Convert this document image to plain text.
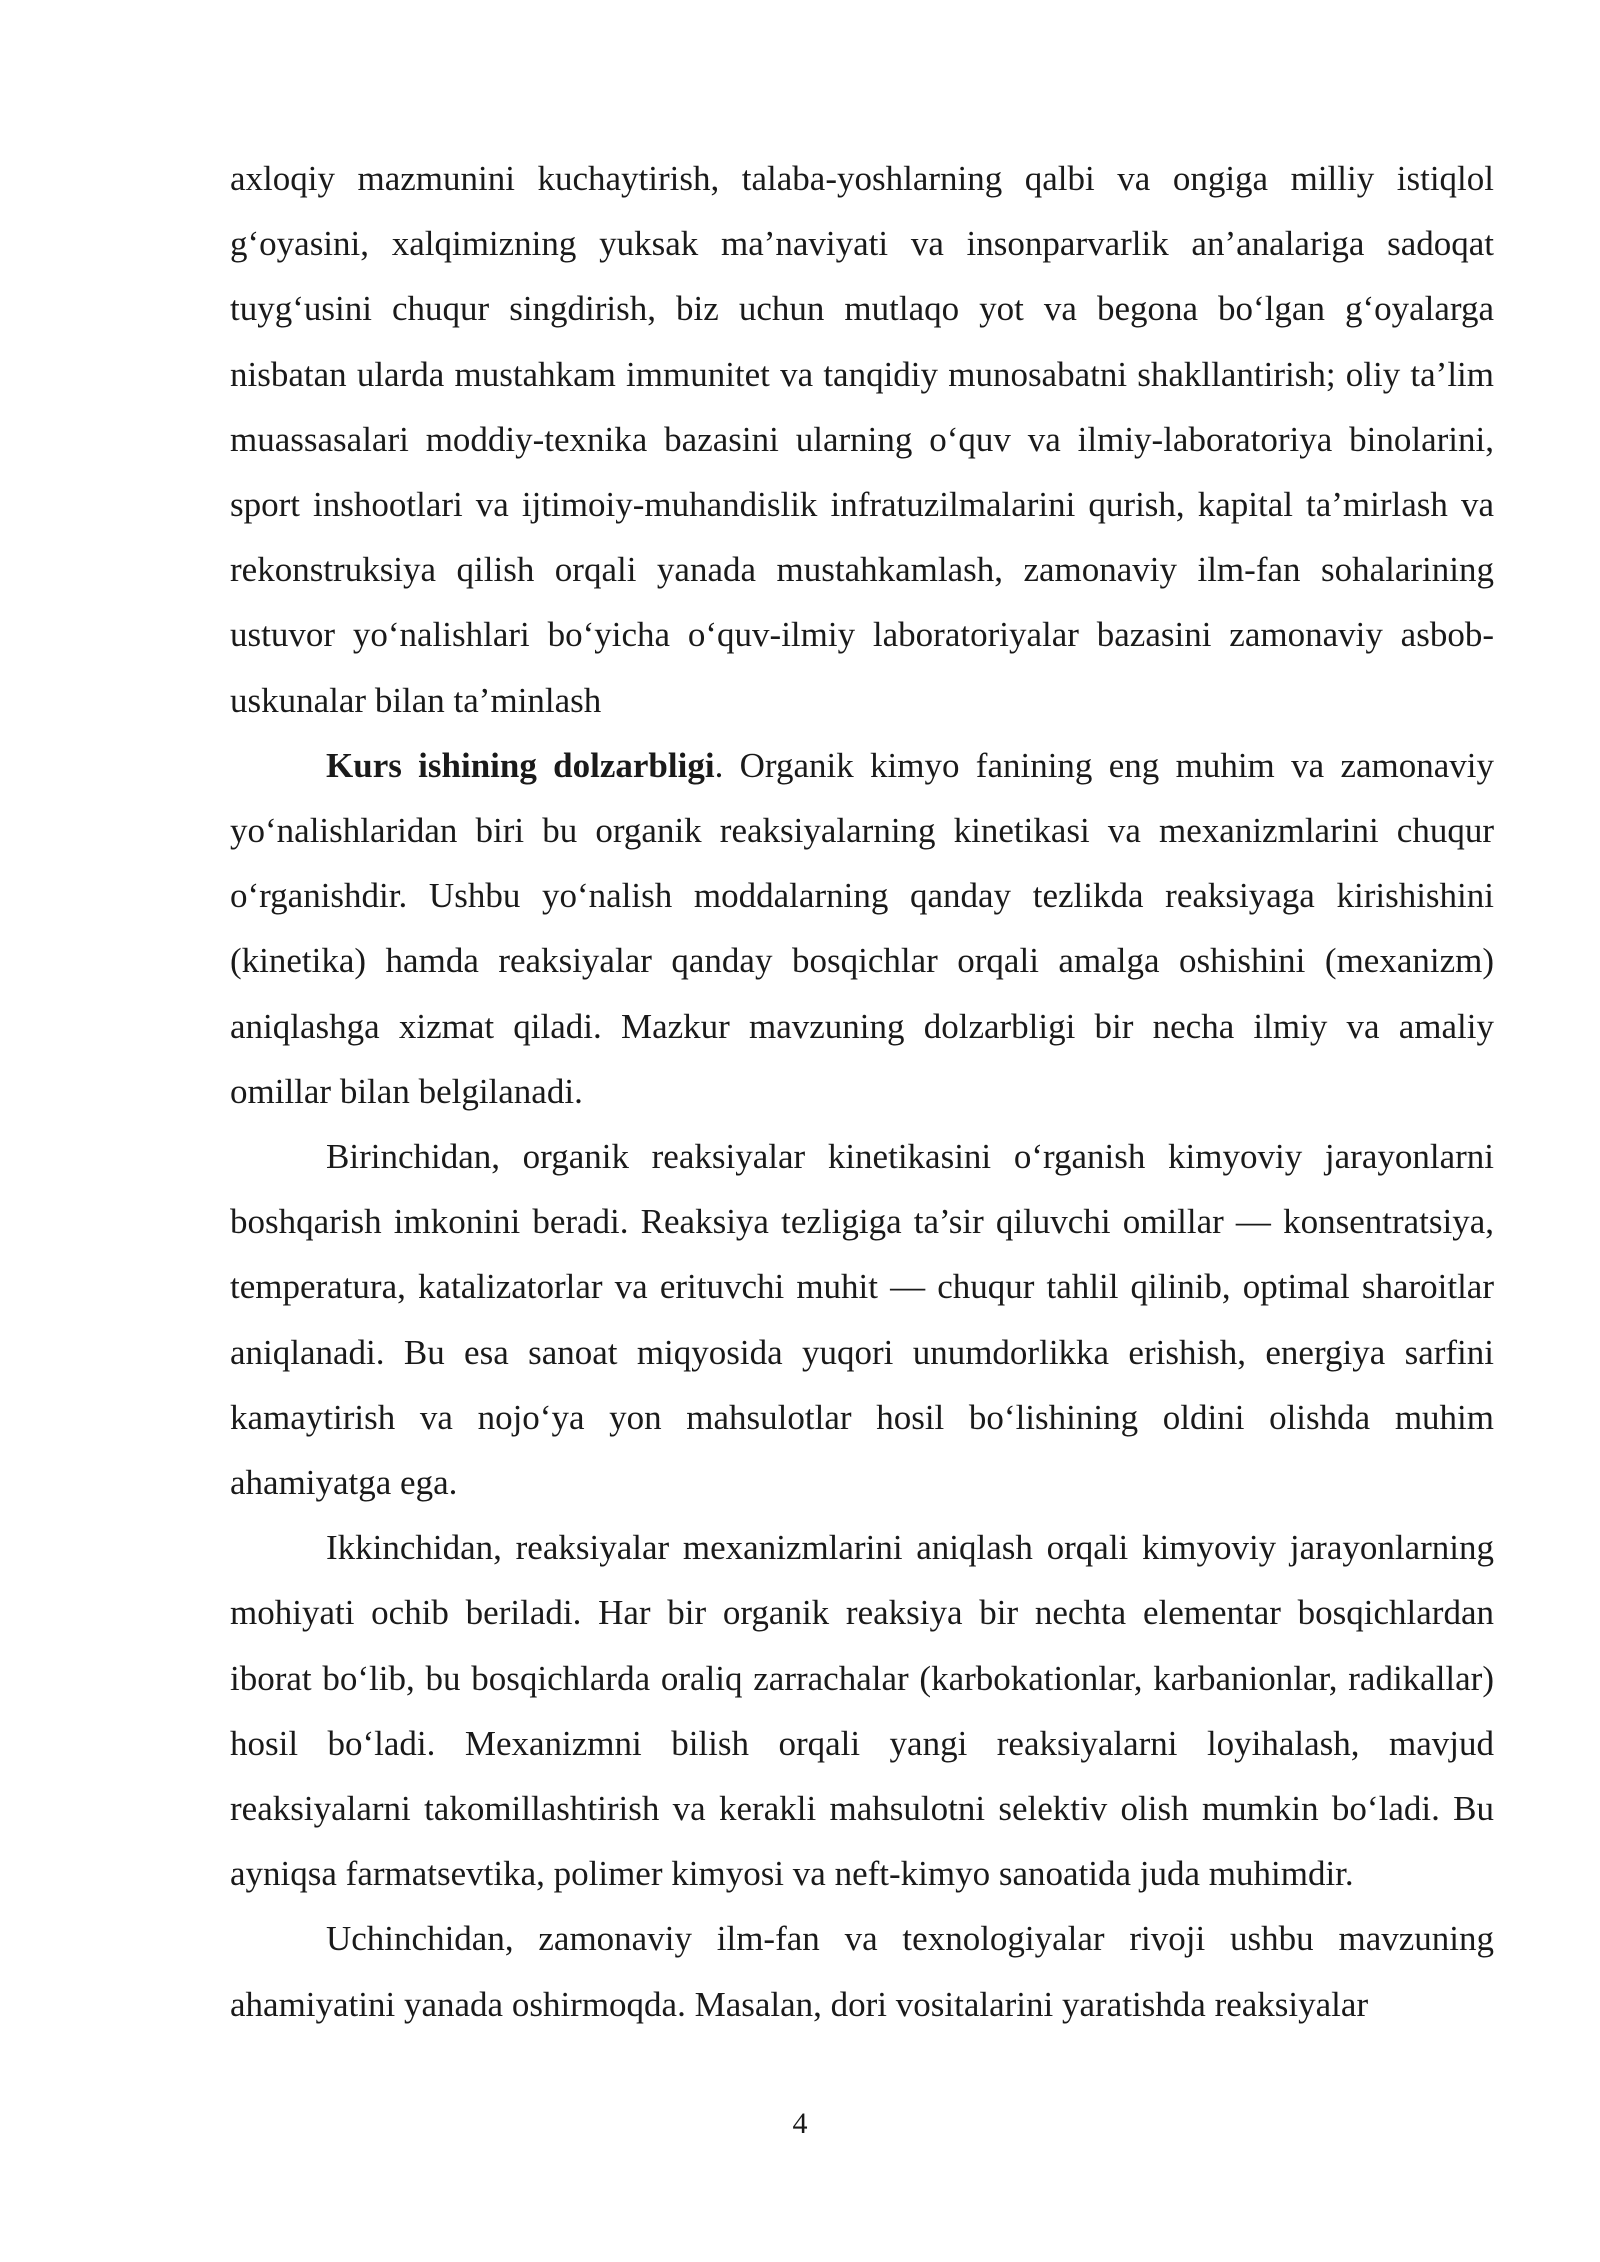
axloqiy mazmunini kuchaytirish, talaba-yoshlarning qalbi va ongiga milliy istiqlol g‘oyasini, xalqimizning yuksak ma’naviyati va insonparvarlik an’analariga sadoqat tuyg‘usini chuqur singdirish, biz uchun mutlaqo yot va begona bo‘lgan g‘oyalarga nisbatan ularda mustahkam immunitet va tanqidiy munosabatni shakllantirish; oliy ta’lim muassasalari moddiy-texnika bazasini ularning o‘quv va ilmiy-laboratoriya binolarini, sport inshootlari va ijtimoiy-muhandislik infratuzilmalarini qurish, kapital ta’mirlash va rekonstruksiya qilish orqali yanada mustahkamlash, zamonaviy ilm-fan sohalarining ustuvor yo‘nalishlari bo‘yicha o‘quv-ilmiy laboratoriyalar bazasini zamonaviy asbob-uskunalar bilan ta’minlash

Kurs ishining dolzarbligi. Organik kimyo fanining eng muhim va zamonaviy yo‘nalishlaridan biri bu organik reaksiyalarning kinetikasi va mexanizmlarini chuqur o‘rganishdir. Ushbu yo‘nalish moddalarning qanday tezlikda reaksiyaga kirishishini (kinetika) hamda reaksiyalar qanday bosqichlar orqali amalga oshishini (mexanizm) aniqlashga xizmat qiladi. Mazkur mavzuning dolzarbligi bir necha ilmiy va amaliy omillar bilan belgilanadi.

Birinchidan, organik reaksiyalar kinetikasini o‘rganish kimyoviy jarayonlarni boshqarish imkonini beradi. Reaksiya tezligiga ta’sir qiluvchi omillar — konsentratsiya, temperatura, katalizatorlar va erituvchi muhit — chuqur tahlil qilinib, optimal sharoitlar aniqlanadi. Bu esa sanoat miqyosida yuqori unumdorlikka erishish, energiya sarfini kamaytirish va nojo‘ya yon mahsulotlar hosil bo‘lishining oldini olishda muhim ahamiyatga ega.

Ikkinchidan, reaksiyalar mexanizmlarini aniqlash orqali kimyoviy jarayonlarning mohiyati ochib beriladi. Har bir organik reaksiya bir nechta elementar bosqichlardan iborat bo‘lib, bu bosqichlarda oraliq zarrachalar (karbokationlar, karbanionlar, radikallar) hosil bo‘ladi. Mexanizmni bilish orqali yangi reaksiyalarni loyihalash, mavjud reaksiyalarni takomillashtirish va kerakli mahsulotni selektiv olish mumkin bo‘ladi. Bu ayniqsa farmatsevtika, polimer kimyosi va neft-kimyo sanoatida juda muhimdir.

Uchinchidan, zamonaviy ilm-fan va texnologiyalar rivoji ushbu mavzuning ahamiyatini yanada oshirmoqda. Masalan, dori vositalarini yaratishda reaksiyalar

4
